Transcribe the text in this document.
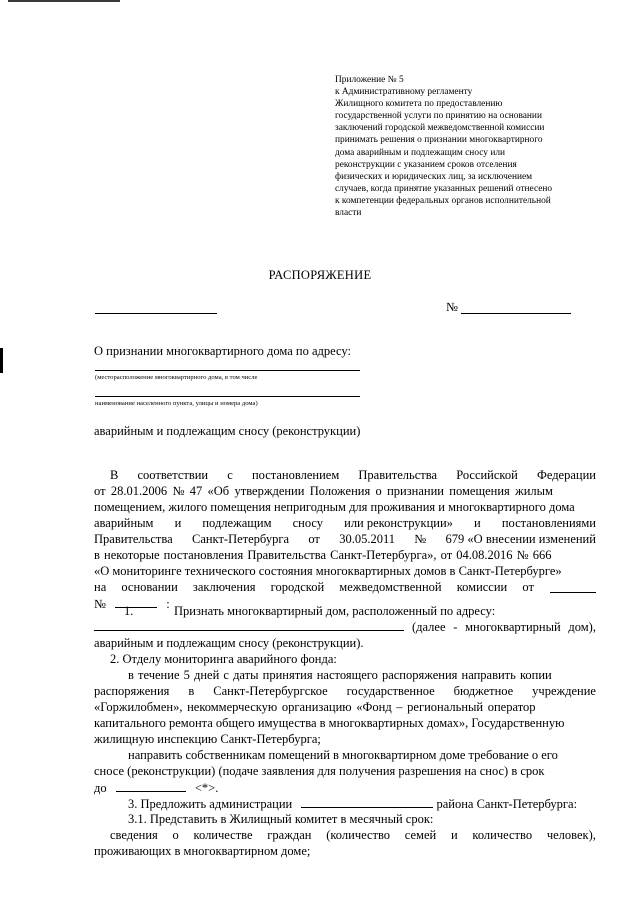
Приложение № 5
к Административному регламенту
Жилищного комитета по предоставлению
государственной услуги по принятию на основании
заключений городской межведомственной комиссии
принимать решения о признании многоквартирного
дома аварийным и подлежащим сносу или
реконструкции с указанием сроков отселения
физических и юридических лиц, за исключением
случаев, когда принятие указанных решений отнесено
к компетенции федеральных органов исполнительной
власти
РАСПОРЯЖЕНИЕ
№
О признании многоквартирного дома по адресу:
(месторасположение многоквартирного дома, в том числе
наименование населенного пункта, улицы и номера дома)
аварийным и подлежащим сносу (реконструкции)
В соответствии с постановлением Правительства Российской Федерации
от 28.01.2006 № 47 «Об утверждении Положения о признании помещения жилым
помещением, жилого помещения непригодным для проживания и многоквартирного дома
аварийным и подлежащим сносу или реконструкции» и постановлениями
Правительства Санкт-Петербурга от 30.05.2011 № 679 «О внесении изменений
в некоторые постановления Правительства Санкт-Петербурга», от 04.08.2016 № 666
«О мониторинге технического состояния многоквартирных домов в Санкт-Петербурге»
на основании заключения городской межведомственной комиссии от
№	:
1.	Признать многоквартирный дом, расположенный по адресу:
(далее - многоквартирный дом),
аварийным и подлежащим сносу (реконструкции).
2. Отделу мониторинга аварийного фонда:
в течение 5 дней с даты принятия настоящего распоряжения направить копии
распоряжения в Санкт-Петербургское государственное бюджетное учреждение
«Горжилобмен», некоммерческую организацию «Фонд – региональный оператор
капитального ремонта общего имущества в многоквартирных домах», Государственную
жилищную инспекцию Санкт-Петербурга;
направить собственникам помещений в многоквартирном доме требование о его
сносе (реконструкции) (подаче заявления для получения разрешения на снос) в срок
до	<*>.
3. Предложить администрации	района Санкт-Петербурга:
3.1. Представить в Жилищный комитет в месячный срок:
сведения о количестве граждан (количество семей и количество человек),
проживающих в многоквартирном доме;
